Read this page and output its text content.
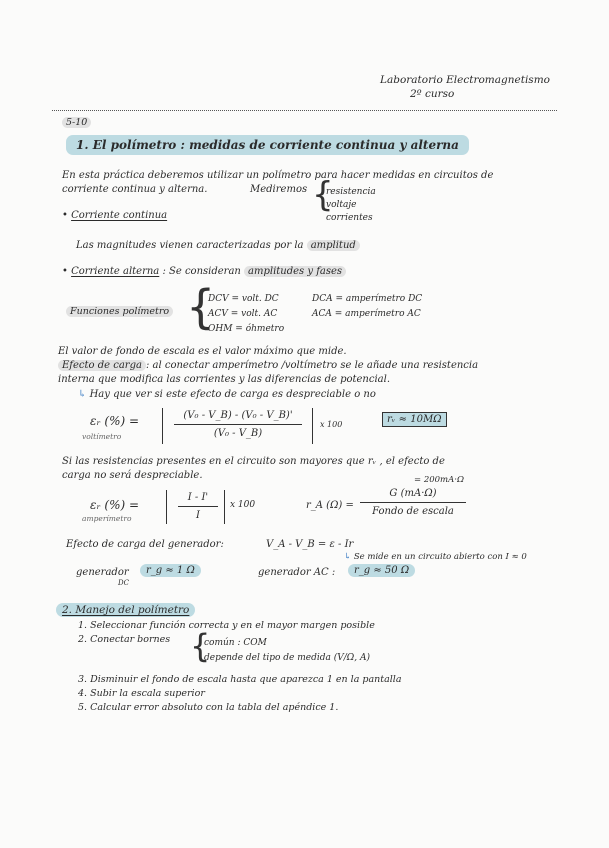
Laboratorio Electromagnetismo
2º curso
5-10
1. El polímetro : medidas de corriente continua y alterna
En esta práctica deberemos utilizar un polímetro para hacer medidas en circuitos de
corriente continua y alterna.	Mediremos {
resistencia
voltaje
corrientes
• Corriente continua
Las magnitudes vienen caracterizadas por la amplitud
• Corriente alterna : Se consideran amplitudes y fases
Funciones polímetro {
DCV = volt. DC
ACV = volt. AC
OHM = óhmetro
DCA = amperímetro DC
ACA = amperímetro AC
El valor de fondo de escala es el valor máximo que mide.
Efecto de carga : al conectar amperímetro /voltímetro se le añade una resistencia
interna que modifica las corrientes y las diferencias de potencial.
↳ Hay que ver si este efecto de carga es despreciable o no
εᵣ (%) =
voltímetro
(V₀ - V_B) - (V₀ - V_B)'
(V₀ - V_B)
x 100	rᵥ ≈ 10MΩ
Si las resistencias presentes en el circuito son mayores que rᵥ , el efecto de
carga no será despreciable.	= 200mA·Ω
εᵣ (%) =
amperímetro
I - I'
I
x 100	r_A (Ω) =
G (mA·Ω)
Fondo de escala
Efecto de carga del generador:	V_A - V_B = ε - Ir
↳ Se mide en un circuito abierto con I ≈ 0
generador
DC
r_g ≈ 1 Ω	generador AC :	r_g ≈ 50 Ω
2. Manejo del polímetro
1. Seleccionar función correcta y en el mayor margen posible
2. Conectar bornes {
común : COM
depende del tipo de medida (V/Ω, A)
3. Disminuir el fondo de escala hasta que aparezca 1 en la pantalla
4. Subir la escala superior
5. Calcular error absoluto con la tabla del apéndice 1.
